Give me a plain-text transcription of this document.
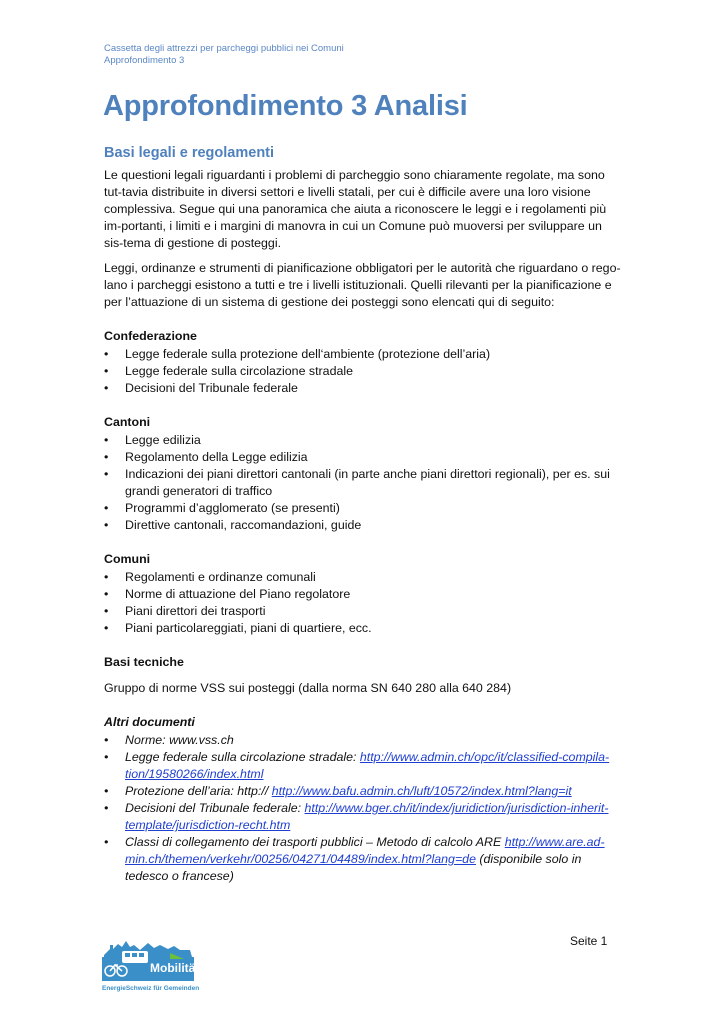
Cassetta degli attrezzi per parcheggi pubblici nei Comuni
Approfondimento 3
Approfondimento 3 Analisi
Basi legali e regolamenti

Le questioni legali riguardanti i problemi di parcheggio sono chiaramente regolate, ma sono tut-tavia distribuite in diversi settori e livelli statali, per cui è difficile avere una loro visione complessiva. Segue qui una panoramica che aiuta a riconoscere le leggi e i regolamenti più im-portanti, i limiti e i margini di manovra in cui un Comune può muoversi per sviluppare un sis-tema di gestione di posteggi.

Leggi, ordinanze e strumenti di pianificazione obbligatori per le autorità che riguardano o rego-lano i parcheggi esistono a tutti e tre i livelli istituzionali. Quelli rilevanti per la pianificazione e per l’attuazione di un sistema di gestione dei posteggi sono elencati qui di seguito:

Confederazione
• Legge federale sulla protezione dell‘ambiente (protezione dell’aria)
• Legge federale sulla circolazione stradale
• Decisioni del Tribunale federale
Cantoni
• Legge edilizia
• Regolamento della Legge edilizia
• Indicazioni dei piani direttori cantonali (in parte anche piani direttori regionali), per es. sui grandi generatori di traffico
• Programmi d’agglomerato (se presenti)
• Direttive cantonali, raccomandazioni, guide
Comuni
• Regolamenti e ordinanze comunali
• Norme di attuazione del Piano regolatore
• Piani direttori dei trasporti
• Piani particolareggiati, piani di quartiere, ecc.
Basi tecniche

Gruppo di norme VSS sui posteggi (dalla norma SN 640 280 alla 640 284)

Altri documenti
• Norme: www.vss.ch
• Legge federale sulla circolazione stradale: http://www.admin.ch/opc/it/classified-compila-tion/19580266/index.html
• Protezione dell’aria: http:// http://www.bafu.admin.ch/luft/10572/index.html?lang=it
• Decisioni del Tribunale federale: http://www.bger.ch/it/index/juridiction/jurisdiction-inherit-template/jurisdiction-recht.htm
• Classi di collegamento dei trasporti pubblici – Metodo di calcolo ARE http://www.are.ad-min.ch/themen/verkehr/00256/04271/04489/index.html?lang=de (disponibile solo in tedesco o francese)
Seite 1
Mobilität
EnergieSchweiz für Gemeinden
